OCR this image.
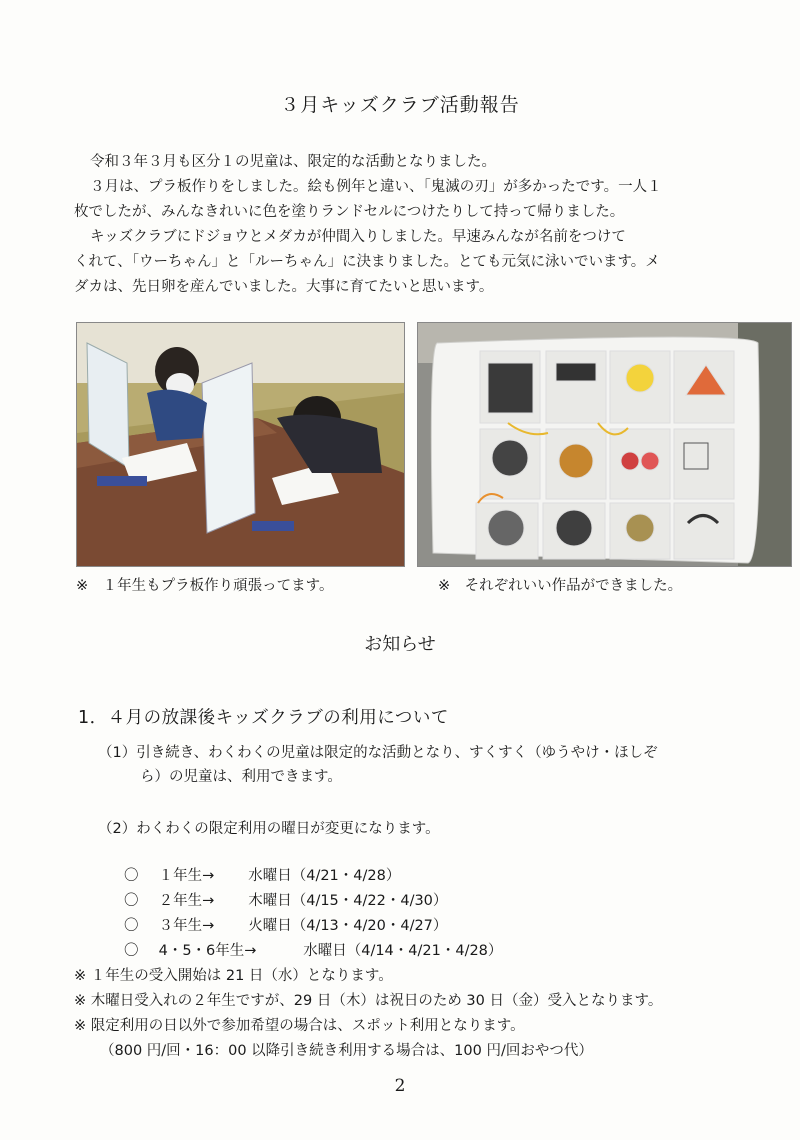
３月キッズクラブ活動報告

令和３年３月も区分１の児童は、限定的な活動となりました。

３月は、プラ板作りをしました。絵も例年と違い、「鬼滅の刃」が多かったです。一人１

枚でしたが、みんなきれいに色を塗りランドセルにつけたりして持って帰りました。

キッズクラブにドジョウとメダカが仲間入りしました。早速みんなが名前をつけて

くれて、「ウーちゃん」と「ルーちゃん」に決まりました。とても元気に泳いでいます。メ

ダカは、先日卵を産んでいました。大事に育てたいと思います。

※　１年生もプラ板作り頑張ってます。	※　それぞれいい作品ができました。
お知らせ
1．４月の放課後キッズクラブの利用について
（1）引き続き、わくわくの児童は限定的な活動となり、すくすく（ゆうやけ・ほしぞ
ら）の児童は、利用できます。
（2）わくわくの限定利用の曜日が変更になります。
〇 １年生→ 水曜日（4/21・4/28）
〇 ２年生→ 木曜日（4/15・4/22・4/30）
〇 ３年生→ 火曜日（4/13・4/20・4/27）
〇 4・5・6年生→	水曜日（4/14・4/21・4/28）
※ １年生の受入開始は 21 日（水）となります。
※ 木曜日受入れの２年生ですが、29 日（木）は祝日のため 30 日（金）受入となります。
※ 限定利用の日以外で参加希望の場合は、スポット利用となります。
（800 円/回・16：00 以降引き続き利用する場合は、100 円/回おやつ代）
2
